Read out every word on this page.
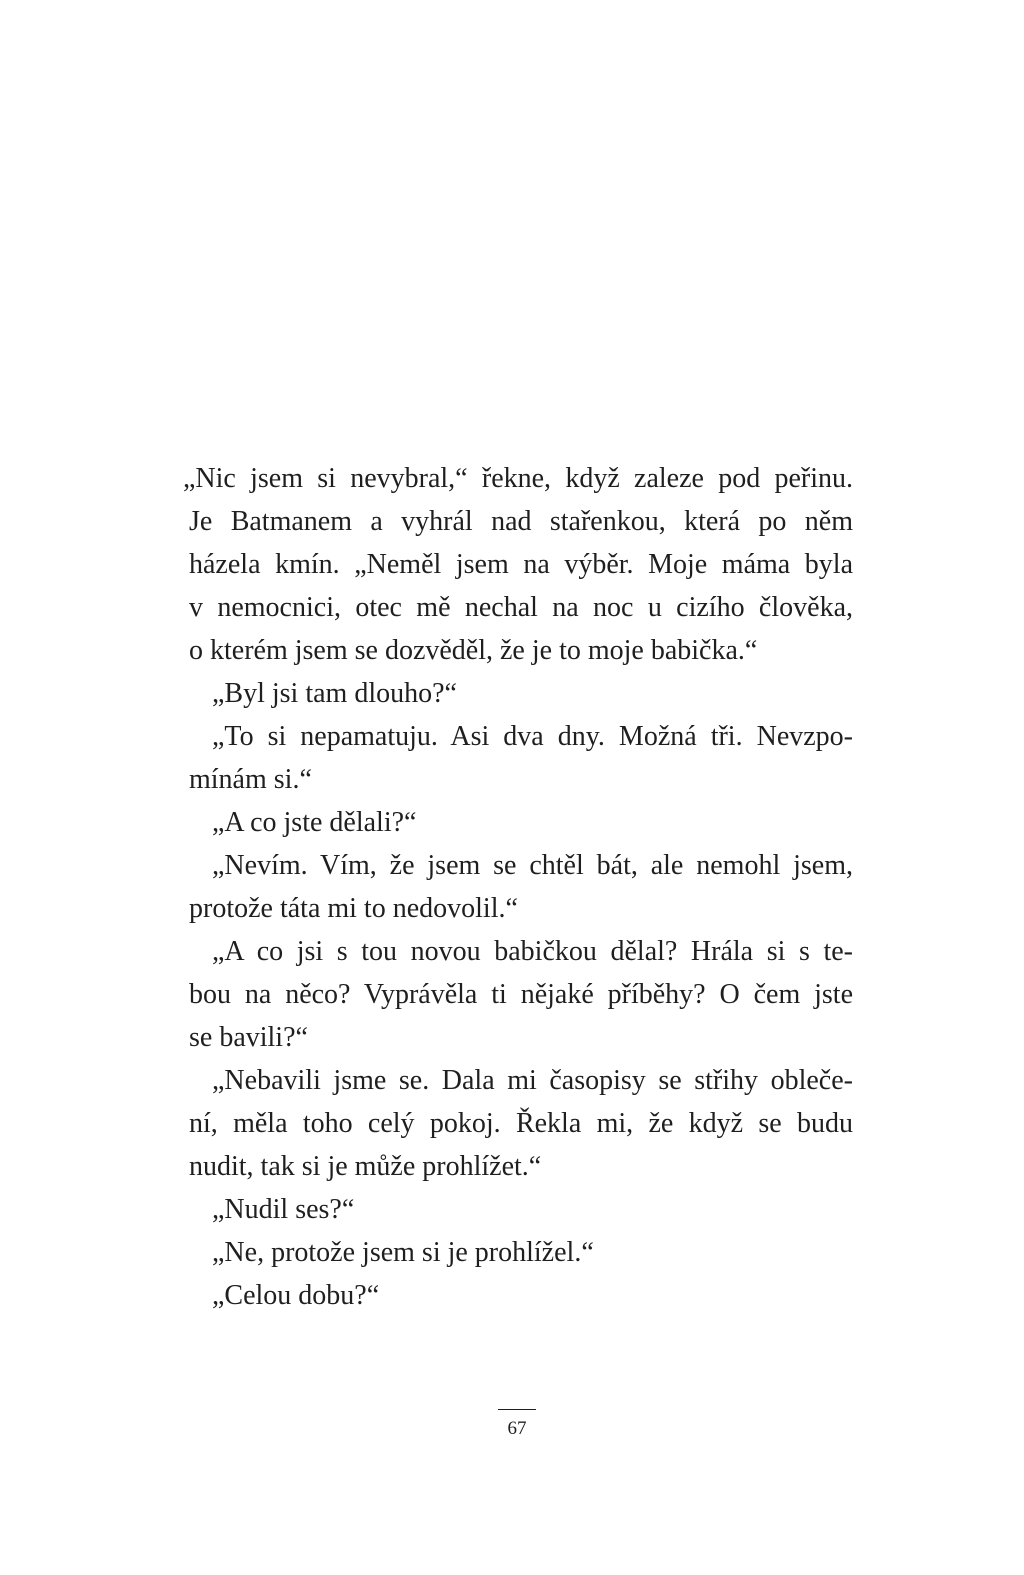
„Nic jsem si nevybral,“ řekne, když zaleze pod peřinu.
Je Batmanem a vyhrál nad stařenkou, která po něm
házela kmín. „Neměl jsem na výběr. Moje máma byla
v nemocnici, otec mě nechal na noc u cizího člověka,
o kterém jsem se dozvěděl, že je to moje babička.“
„Byl jsi tam dlouho?“
„To si nepamatuju. Asi dva dny. Možná tři. Nevzpo-
mínám si.“
„A co jste dělali?“
„Nevím. Vím, že jsem se chtěl bát, ale nemohl jsem,
protože táta mi to nedovolil.“
„A co jsi s tou novou babičkou dělal? Hrála si s te-
bou na něco? Vyprávěla ti nějaké příběhy? O čem jste
se bavili?“
„Nebavili jsme se. Dala mi časopisy se střihy oblečе-
ní, měla toho celý pokoj. Řekla mi, že když se budu
nudit, tak si je může prohlížet.“
„Nudil ses?“
„Ne, protože jsem si je prohlížel.“
„Celou dobu?“
67
